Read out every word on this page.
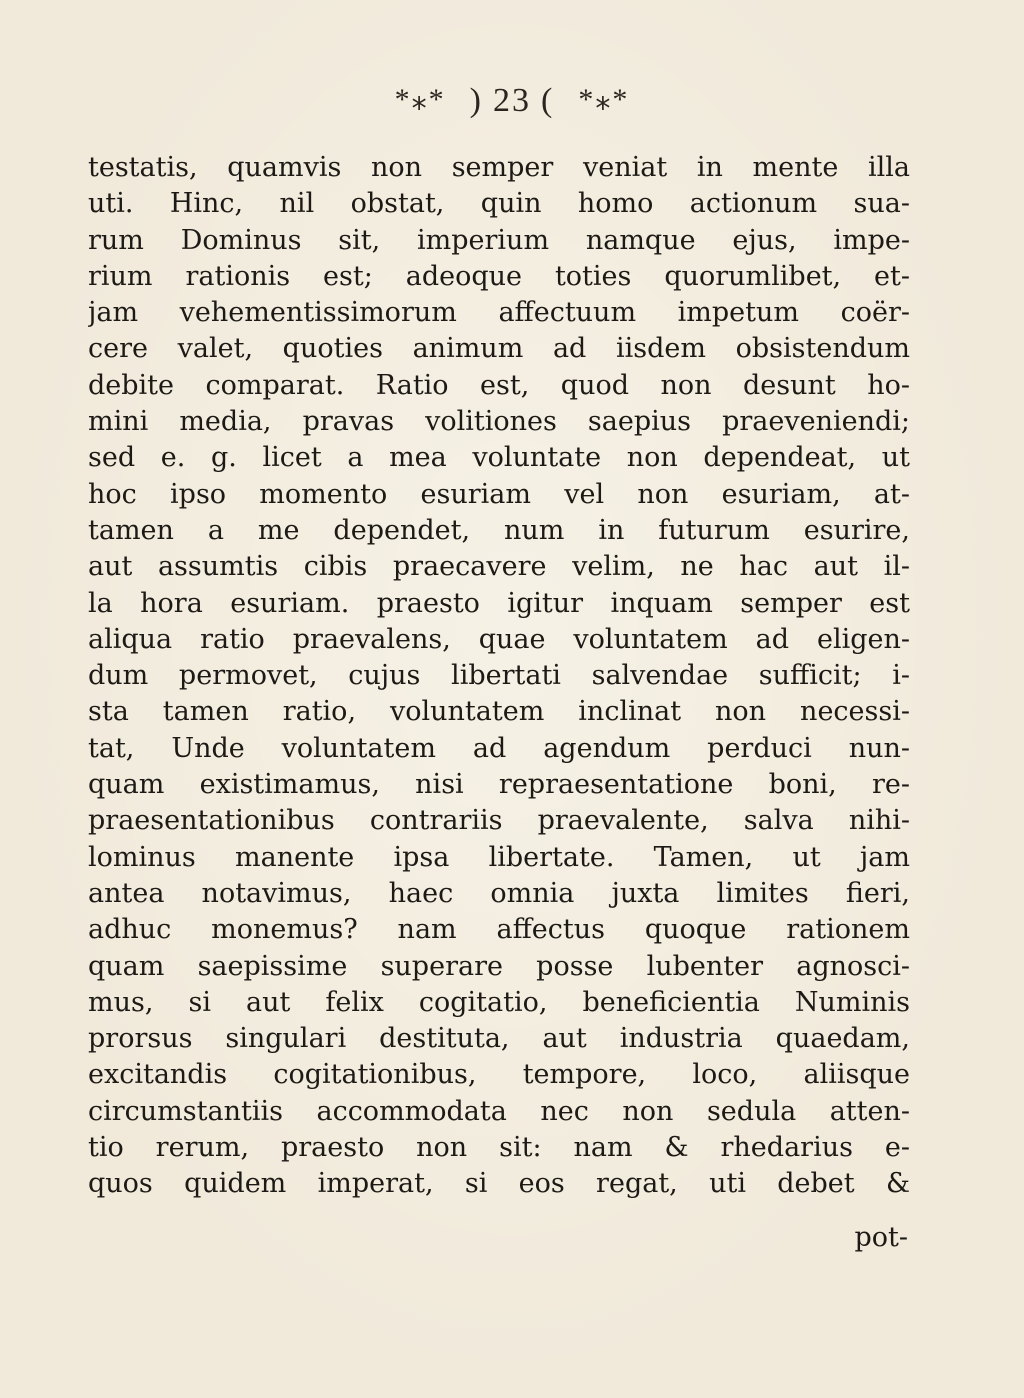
*⁎* ) 23 ( *⁎*
testatis, quamvis non semper veniat in mente illa
uti. Hinc, nil obstat, quin homo actionum sua-
rum Dominus sit, imperium namque ejus, impe-
rium rationis est; adeoque toties quorumlibet, et-
jam vehementissimorum affectuum impetum coër-
cere valet, quoties animum ad iisdem obsistendum
debite comparat. Ratio est, quod non desunt ho-
mini media, pravas volitiones saepius praeveniendi;
sed e. g. licet a mea voluntate non dependeat, ut
hoc ipso momento esuriam vel non esuriam, at-
tamen a me dependet, num in futurum esurire,
aut assumtis cibis praecavere velim, ne hac aut il-
la hora esuriam. praesto igitur inquam semper est
aliqua ratio praevalens, quae voluntatem ad eligen-
dum permovet, cujus libertati salvendae sufficit; i-
sta tamen ratio, voluntatem inclinat non necessi-
tat, Unde voluntatem ad agendum perduci nun-
quam existimamus, nisi repraesentatione boni, re-
praesentationibus contrariis praevalente, salva nihi-
lominus manente ipsa libertate. Tamen, ut jam
antea notavimus, haec omnia juxta limites fieri,
adhuc monemus? nam affectus quoque rationem
quam saepissime superare posse lubenter agnosci-
mus, si aut felix cogitatio, beneficientia Numinis
prorsus singulari destituta, aut industria quaedam,
excitandis cogitationibus, tempore, loco, aliisque
circumstantiis accommodata nec non sedula atten-
tio rerum, praesto non sit: nam & rhedarius e-
quos quidem imperat, si eos regat, uti debet &
pot-
